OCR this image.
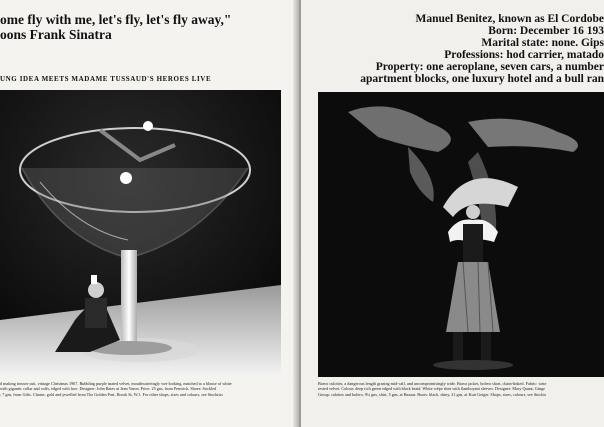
ome fly with me, let's fly, let's fly away,"
oons Frank Sinatra
UNG IDEA MEETS MADAME TUSSAUD'S HEROES LIVE
d making trouser suit, vintage Christmas 1967. Bubbling purple mated velvet, mouthwateringly wet-looking, matched to a blouse of white
with gigantic collar and cuffs, edged with lace. Designer: John Bates at Jean Varon. Price: 25 gns, from Fenwick. Shoes: Sockled
; 7 gns, from Gifts. Chains: gold and jewelled from The Golden Past, Brook St, W.1. For other shops, sizes and colours, see Stockists
Manuel Benitez, known as El Cordobe
Born: December 16 193
Marital state: none. Gips
Professions: hod carrier, matado
Property: one aeroplane, seven cars, a number
apartment blocks, one luxury hotel and a bull ran
Bravo culottes, a dangerous length grazing mid-calf, and uncompromisingly wide. Bravo jacket, bolero short, chain-linked. Fabric: wate
rested velvet. Colour: deep rich green edged with black braid. White crêpe shirt with flamboyant sleeves. Designer: Mary Quant, Ginge
Group; culottes and bolero, 9¼ gns, shirt, 5 gns, at Bazaar. Boots: black, shiny, 21 gns, at Kurt Geiger. Shops, sizes, colours, see Stockis
